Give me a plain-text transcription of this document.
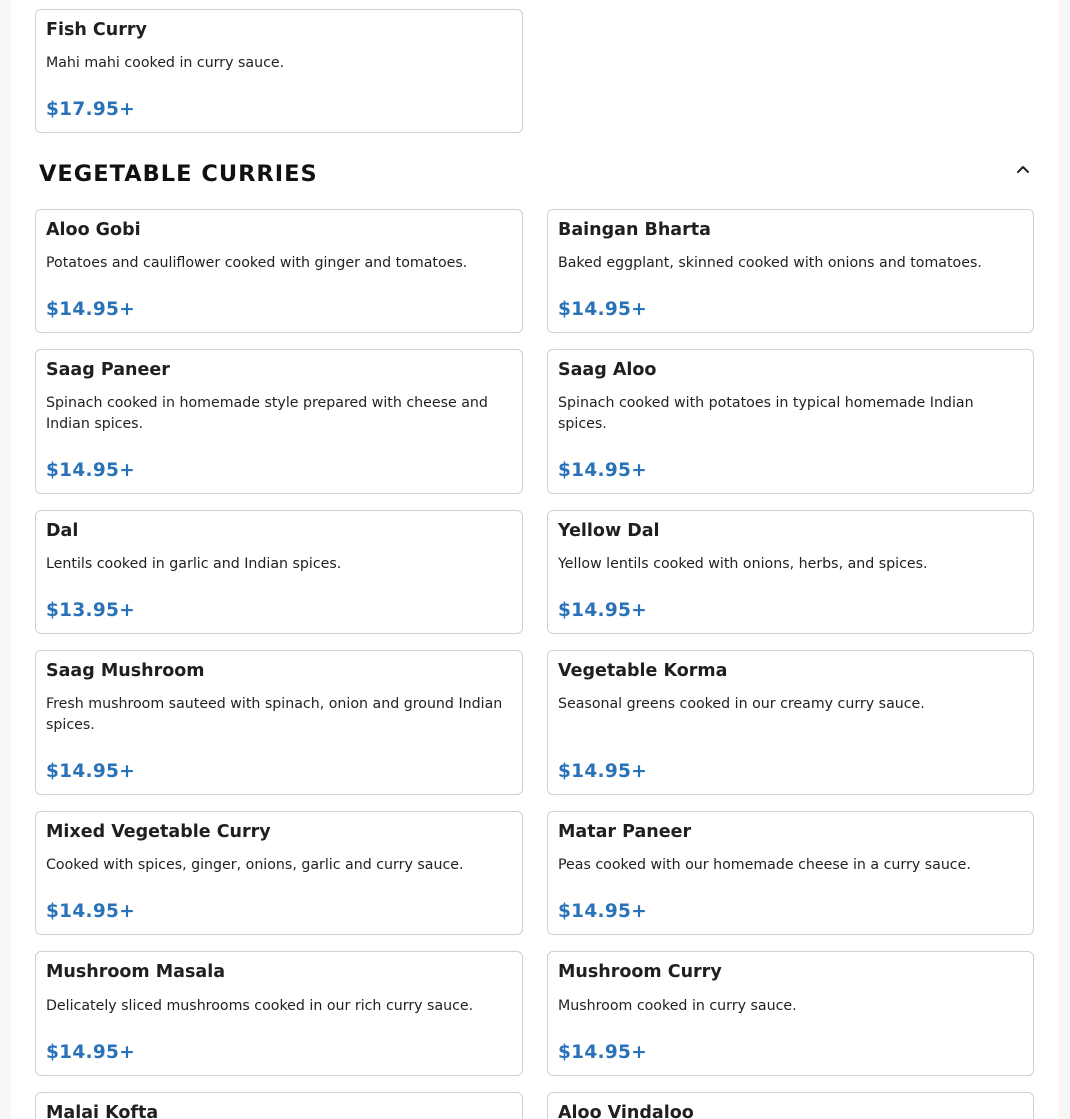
Fish Curry
Mahi mahi cooked in curry sauce.
$17.95+
VEGETABLE CURRIES
Aloo Gobi
Potatoes and cauliflower cooked with ginger and tomatoes.
$14.95+
Baingan Bharta
Baked eggplant, skinned cooked with onions and tomatoes.
$14.95+
Saag Paneer
Spinach cooked in homemade style prepared with cheese and Indian spices.
$14.95+
Saag Aloo
Spinach cooked with potatoes in typical homemade Indian spices.
$14.95+
Dal
Lentils cooked in garlic and Indian spices.
$13.95+
Yellow Dal
Yellow lentils cooked with onions, herbs, and spices.
$14.95+
Saag Mushroom
Fresh mushroom sauteed with spinach, onion and ground Indian spices.
$14.95+
Vegetable Korma
Seasonal greens cooked in our creamy curry sauce.
$14.95+
Mixed Vegetable Curry
Cooked with spices, ginger, onions, garlic and curry sauce.
$14.95+
Matar Paneer
Peas cooked with our homemade cheese in a curry sauce.
$14.95+
Mushroom Masala
Delicately sliced mushrooms cooked in our rich curry sauce.
$14.95+
Mushroom Curry
Mushroom cooked in curry sauce.
$14.95+
Malai Kofta	Aloo Vindaloo
